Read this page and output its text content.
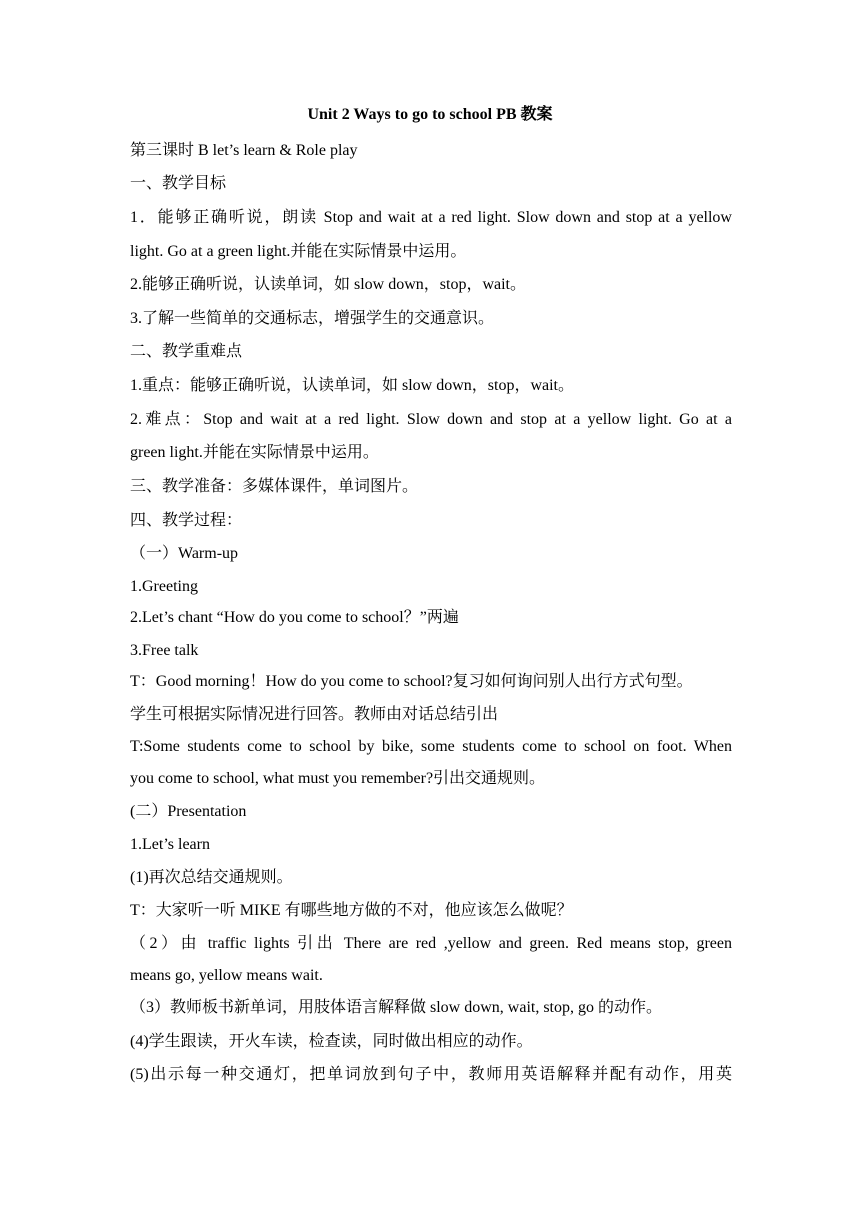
Unit 2 Ways to go to school PB 教案
第三课时 B let’s learn & Role play
一、教学目标
1．能够正确听说，朗读 Stop and wait at a red light. Slow down and stop at a yellow
light. Go at a green light.并能在实际情景中运用。
2.能够正确听说，认读单词，如 slow down，stop，wait。
3.了解一些简单的交通标志，增强学生的交通意识。
二、教学重难点
1.重点：能够正确听说，认读单词，如 slow down，stop，wait。
2.难点：Stop and wait at a red light. Slow down and stop at a yellow light. Go at a
green light.并能在实际情景中运用。
三、教学准备：多媒体课件，单词图片。
四、教学过程：
（一）Warm-up
1.Greeting
2.Let’s chant “How do you come to school？”两遍
3.Free talk
T：Good morning！How do you come to school?复习如何询问别人出行方式句型。
学生可根据实际情况进行回答。教师由对话总结引出
T:Some students come to school by bike, some students come to school on foot. When
you come to school, what must you remember?引出交通规则。
(二）Presentation
1.Let’s learn
(1)再次总结交通规则。
T：大家听一听 MIKE 有哪些地方做的不对，他应该怎么做呢？
（2）由 traffic lights 引出 There are red ,yellow and green. Red means stop, green
means go, yellow means wait.
（3）教师板书新单词，用肢体语言解释做 slow down, wait, stop, go 的动作。
(4)学生跟读，开火车读，检查读，同时做出相应的动作。
(5)出示每一种交通灯，把单词放到句子中，教师用英语解释并配有动作，用英
